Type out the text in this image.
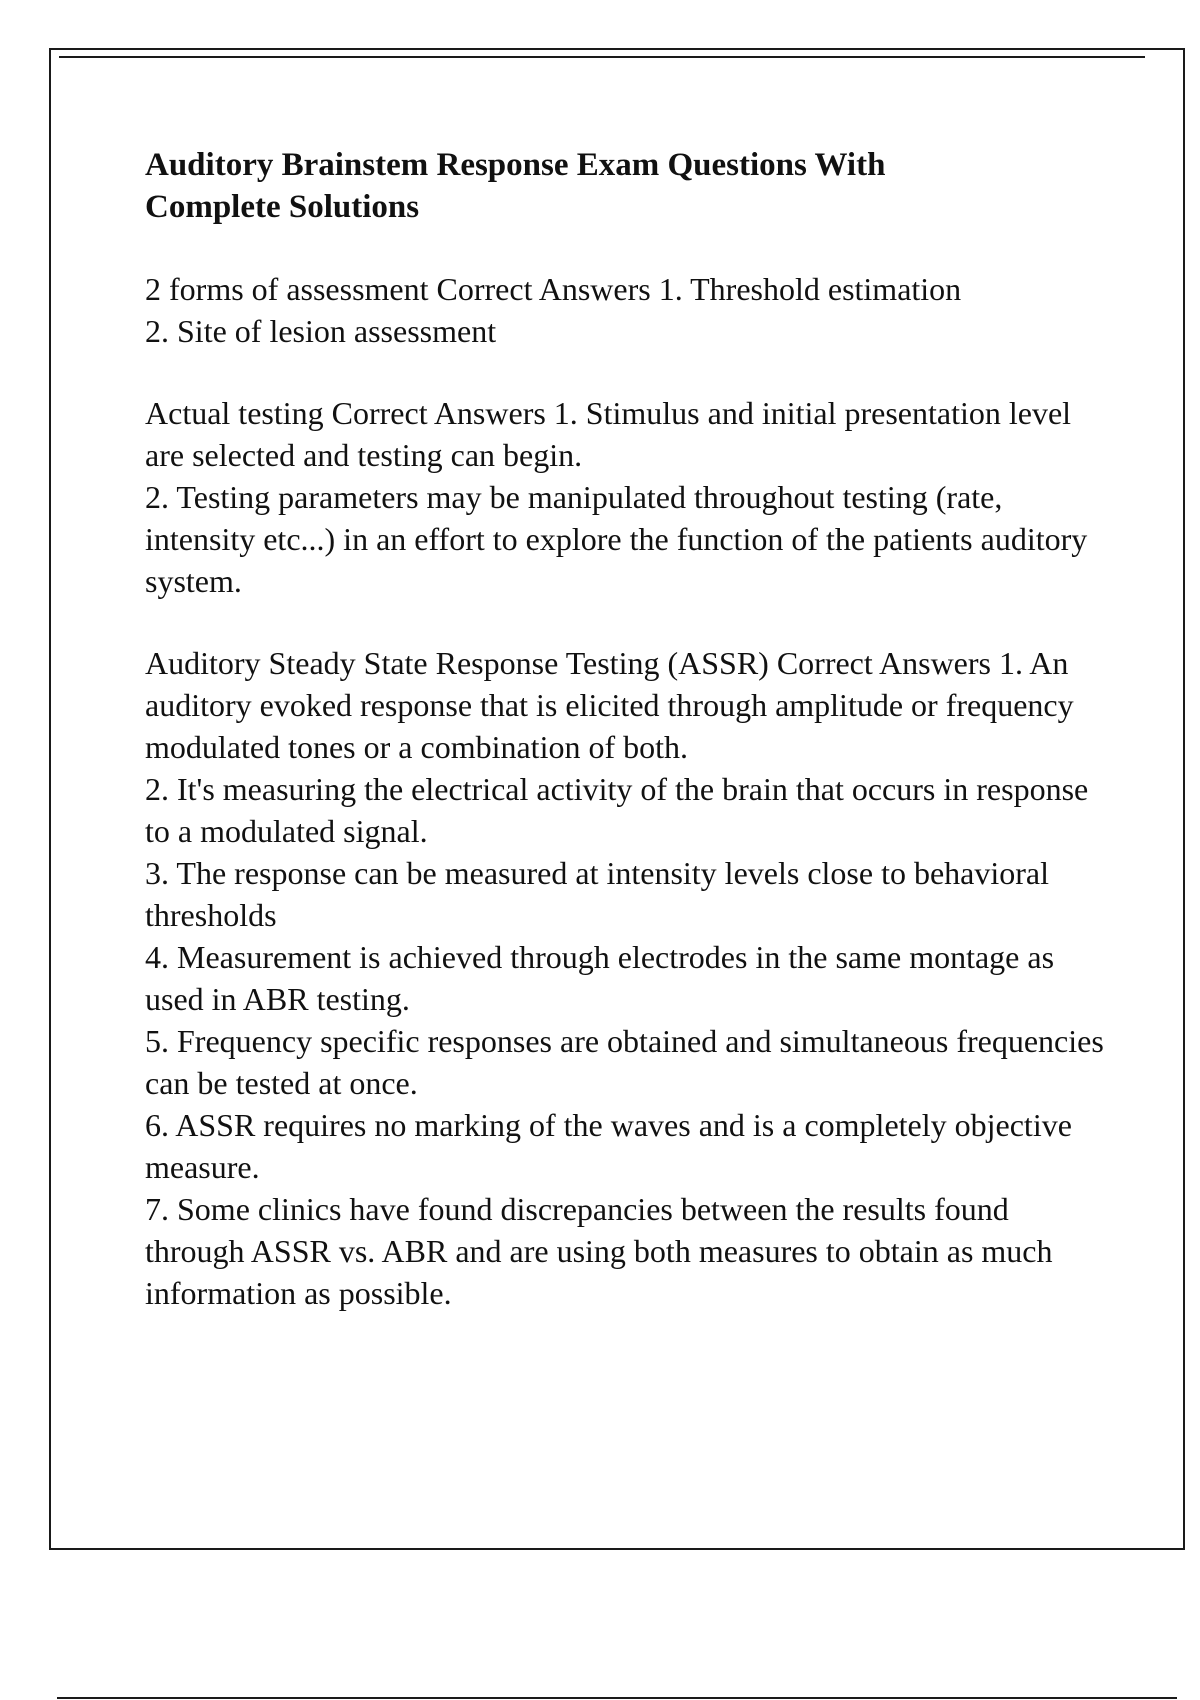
Auditory Brainstem Response Exam Questions With Complete Solutions

2 forms of assessment Correct Answers 1. Threshold estimation

2. Site of lesion assessment

Actual testing Correct Answers 1. Stimulus and initial presentation level are selected and testing can begin.

2. Testing parameters may be manipulated throughout testing (rate, intensity etc...) in an effort to explore the function of the patients auditory system.

Auditory Steady State Response Testing (ASSR) Correct Answers 1. An auditory evoked response that is elicited through amplitude or frequency modulated tones or a combination of both.

2. It's measuring the electrical activity of the brain that occurs in response to a modulated signal.

3. The response can be measured at intensity levels close to behavioral thresholds

4. Measurement is achieved through electrodes in the same montage as used in ABR testing.

5. Frequency specific responses are obtained and simultaneous frequencies can be tested at once.

6. ASSR requires no marking of the waves and is a completely objective measure.

7. Some clinics have found discrepancies between the results found through ASSR vs. ABR and are using both measures to obtain as much information as possible.
